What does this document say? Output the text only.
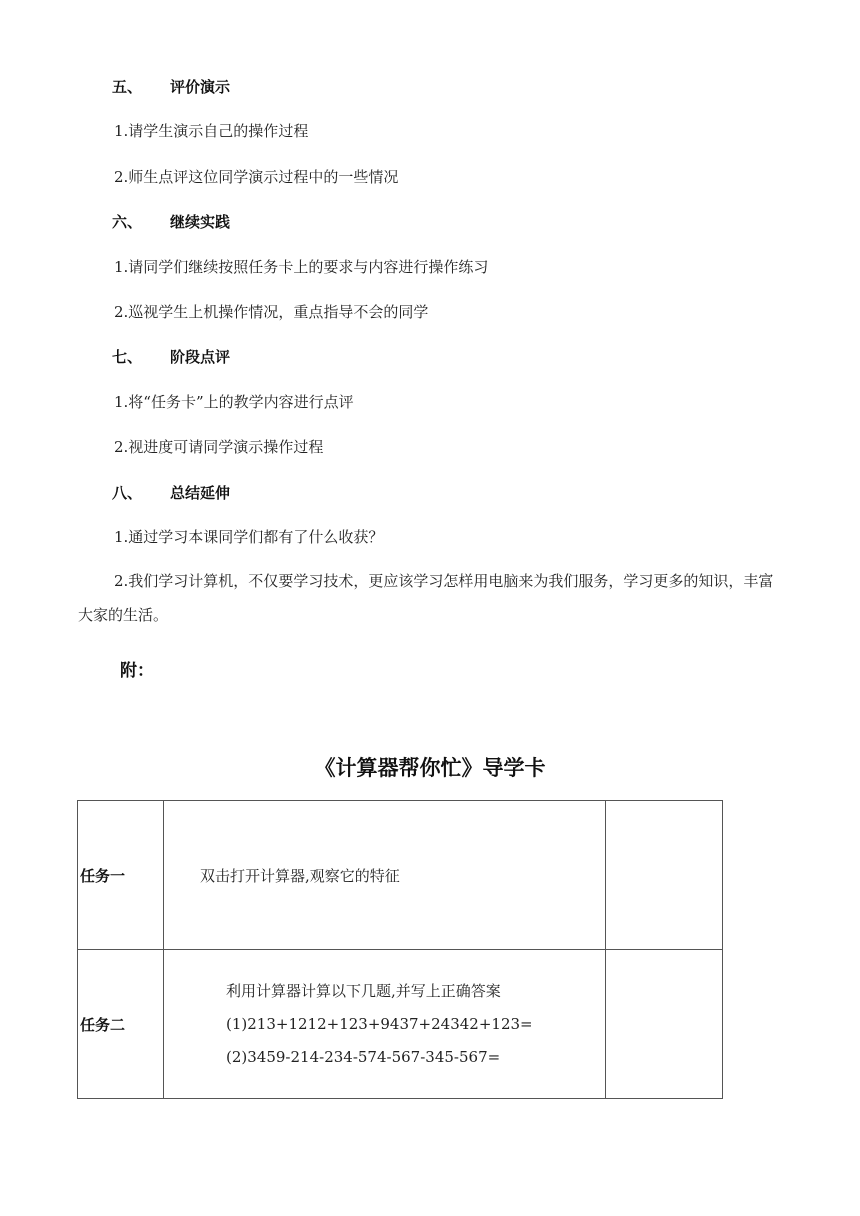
五、 评价演示
1.请学生演示自己的操作过程
2.师生点评这位同学演示过程中的一些情况
六、 继续实践
1.请同学们继续按照任务卡上的要求与内容进行操作练习
2.巡视学生上机操作情况，重点指导不会的同学
七、 阶段点评
1.将“任务卡”上的教学内容进行点评
2.视进度可请同学演示操作过程
八、 总结延伸
1.通过学习本课同学们都有了什么收获？
2.我们学习计算机，不仅要学习技术，更应该学习怎样用电脑来为我们服务，学习更多的知识，丰富大家的生活。
附：
《计算器帮你忙》导学卡
任务一	双击打开计算器,观察它的特征	

任务二	利用计算器计算以下几题,并写上正确答案
(1)213+1212+123+9437+24342+123=
(2)3459-214-234-574-567-345-567=	
